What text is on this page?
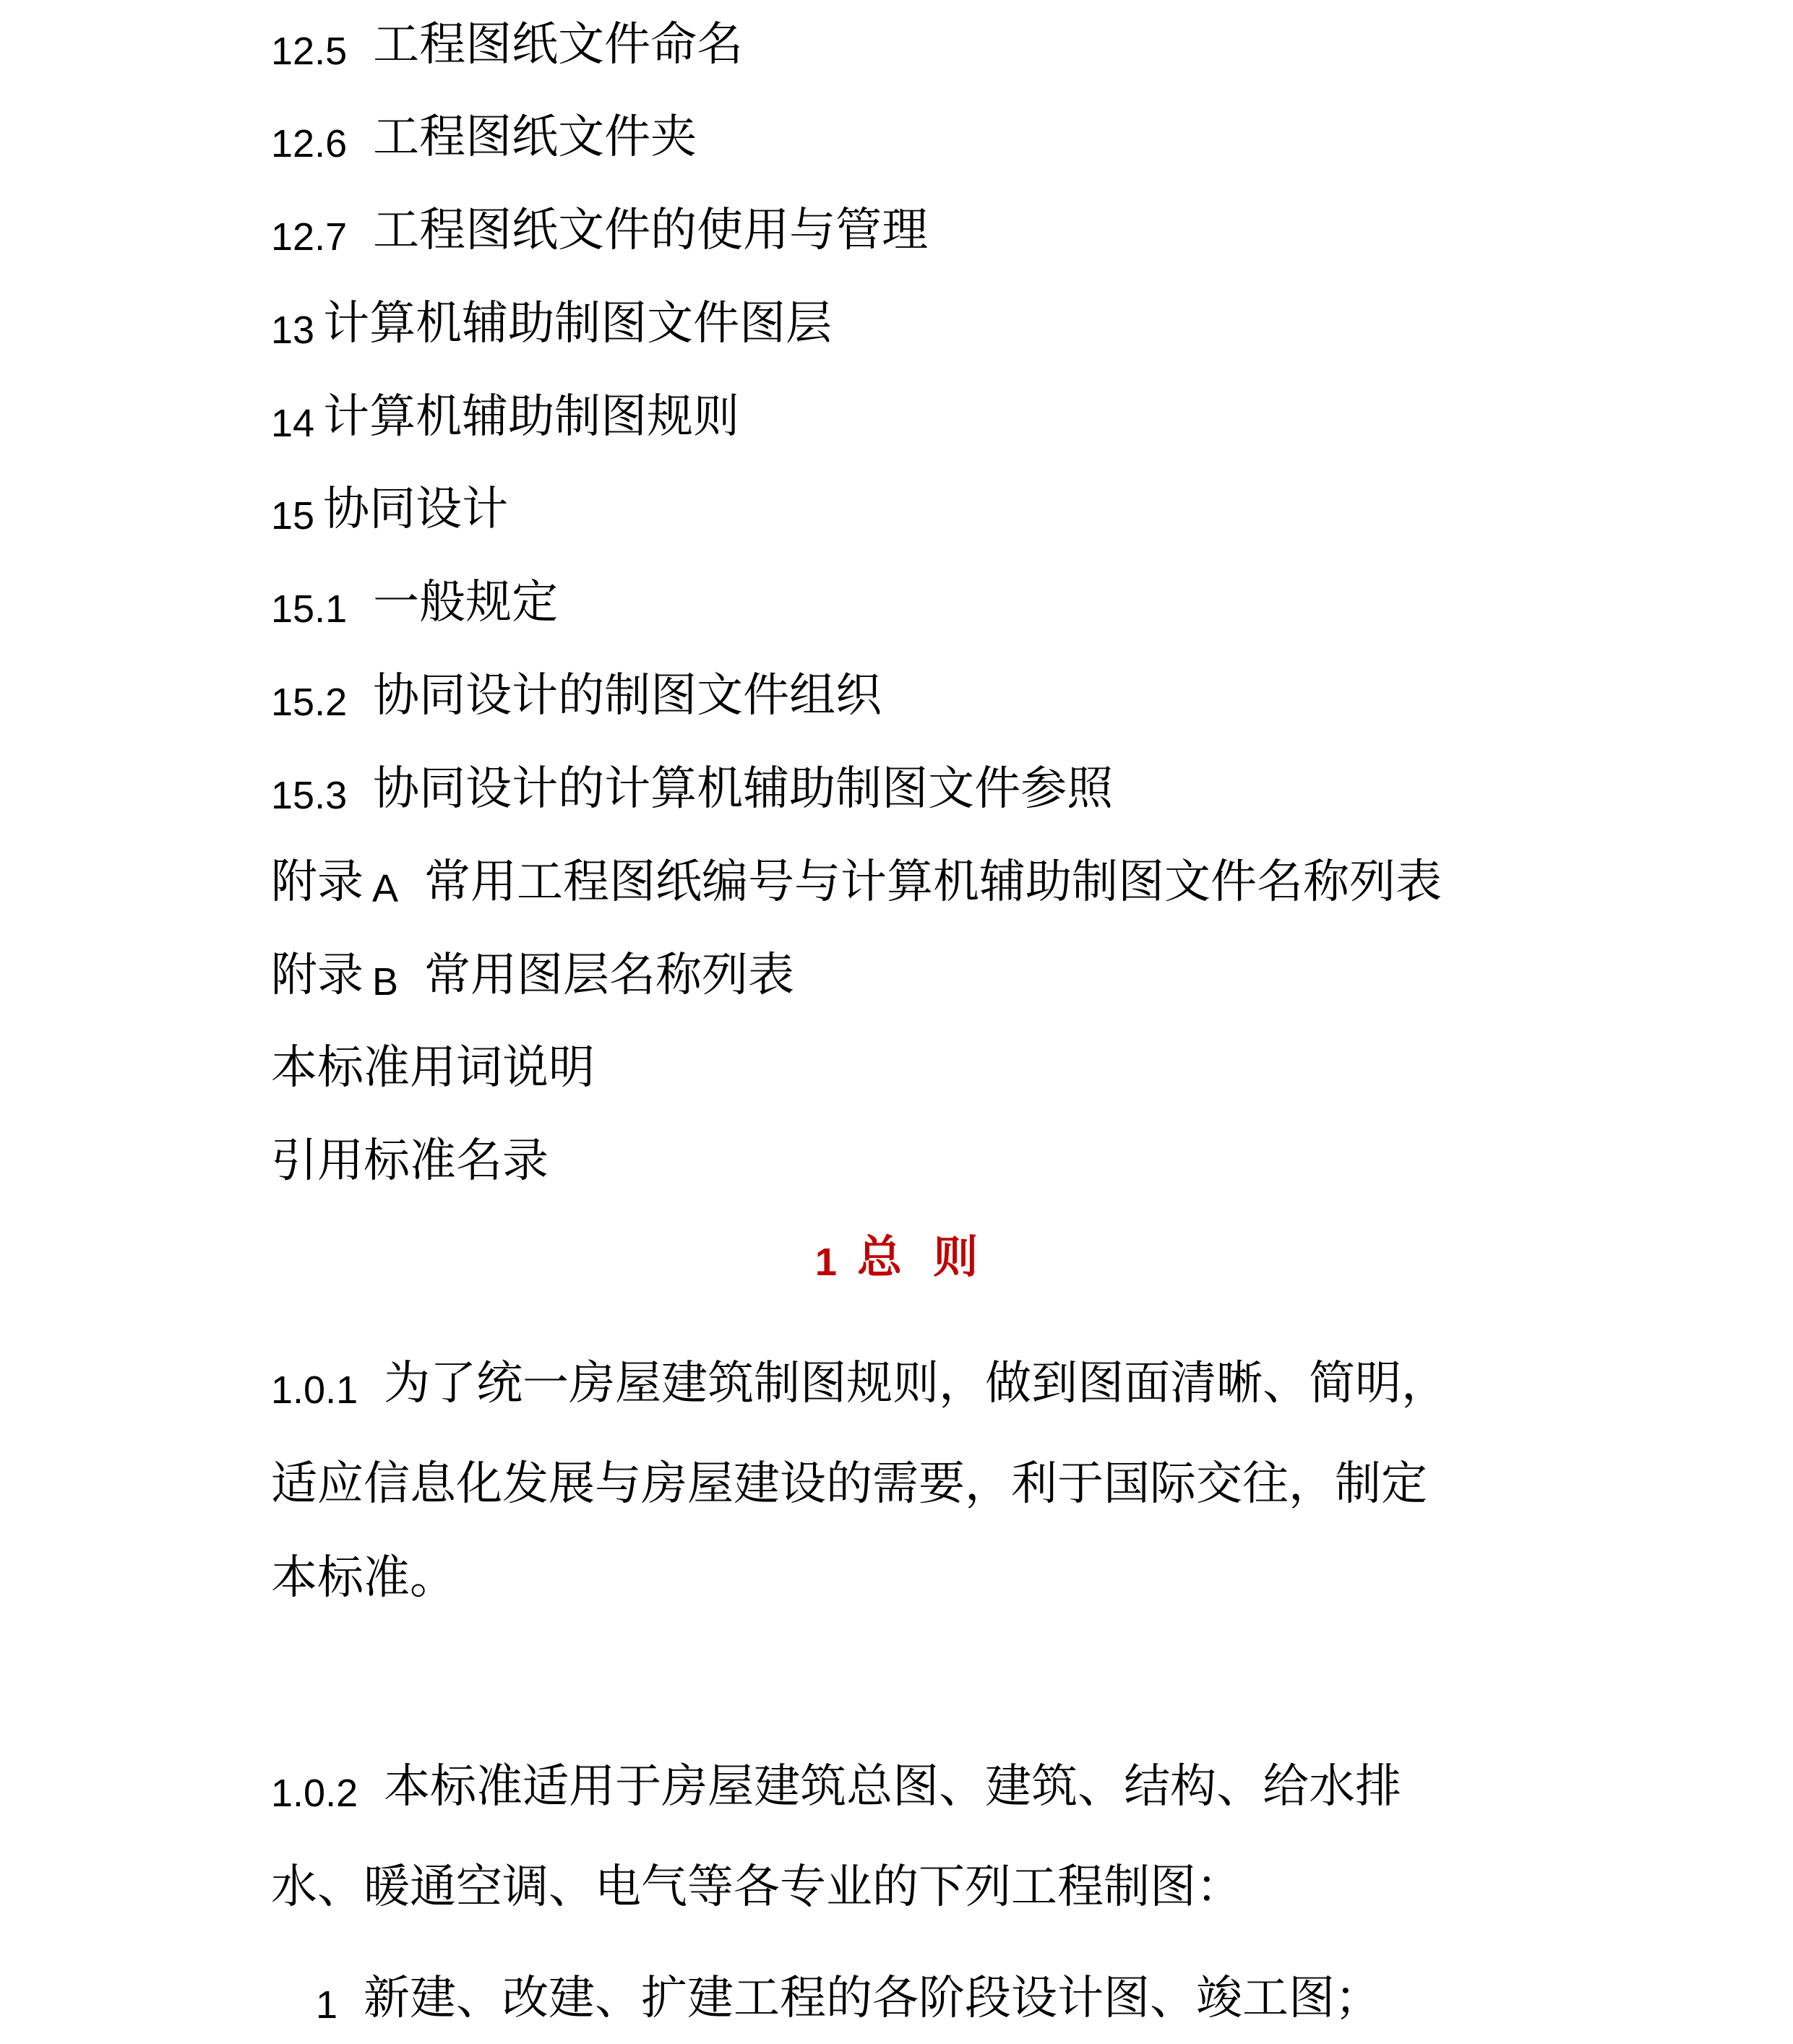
12.5 工程图纸文件命名
12.6 工程图纸文件夹
12.7 工程图纸文件的使用与管理
13 计算机辅助制图文件图层
14 计算机辅助制图规则
15 协同设计
15.1 一般规定
15.2 协同设计的制图文件组织
15.3 协同设计的计算机辅助制图文件参照
附录 A 常用工程图纸编号与计算机辅助制图文件名称列表
附录 B 常用图层名称列表
本标准用词说明
引用标准名录
1 总  则
1.0.1 为了统一房屋建筑制图规则，做到图面清晰、简明，
适应信息化发展与房屋建设的需要，利于国际交往，制定
本标准。
1.0.2 本标准适用于房屋建筑总图、建筑、结构、给水排
水、暖通空调、电气等各专业的下列工程制图：
1 新建、改建、扩建工程的各阶段设计图、竣工图；
